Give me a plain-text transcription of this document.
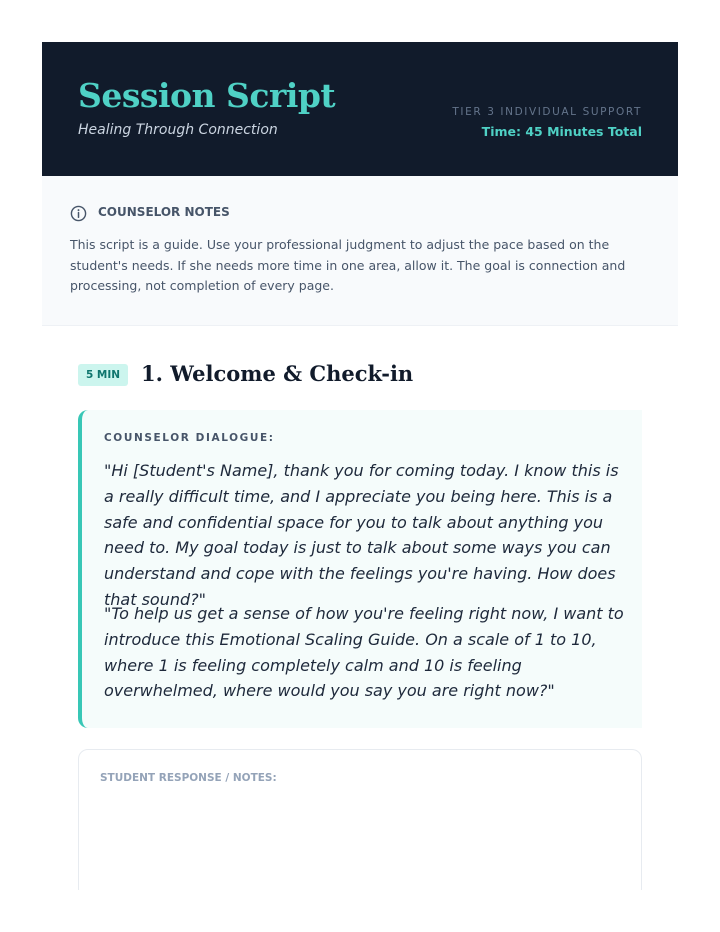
Session Script
Healing Through Connection
TIER 3 INDIVIDUAL SUPPORT
Time: 45 Minutes Total
COUNSELOR NOTES
This script is a guide. Use your professional judgment to adjust the pace based on the student's needs. If she needs more time in one area, allow it. The goal is connection and processing, not completion of every page.
5 MIN 1. Welcome & Check-in
COUNSELOR DIALOGUE:
"Hi [Student's Name], thank you for coming today. I know this is a really difficult time, and I appreciate you being here. This is a safe and confidential space for you to talk about anything you need to. My goal today is just to talk about some ways you can understand and cope with the feelings you're having. How does that sound?"
"To help us get a sense of how you're feeling right now, I want to introduce this Emotional Scaling Guide. On a scale of 1 to 10, where 1 is feeling completely calm and 10 is feeling overwhelmed, where would you say you are right now?"
STUDENT RESPONSE / NOTES:
